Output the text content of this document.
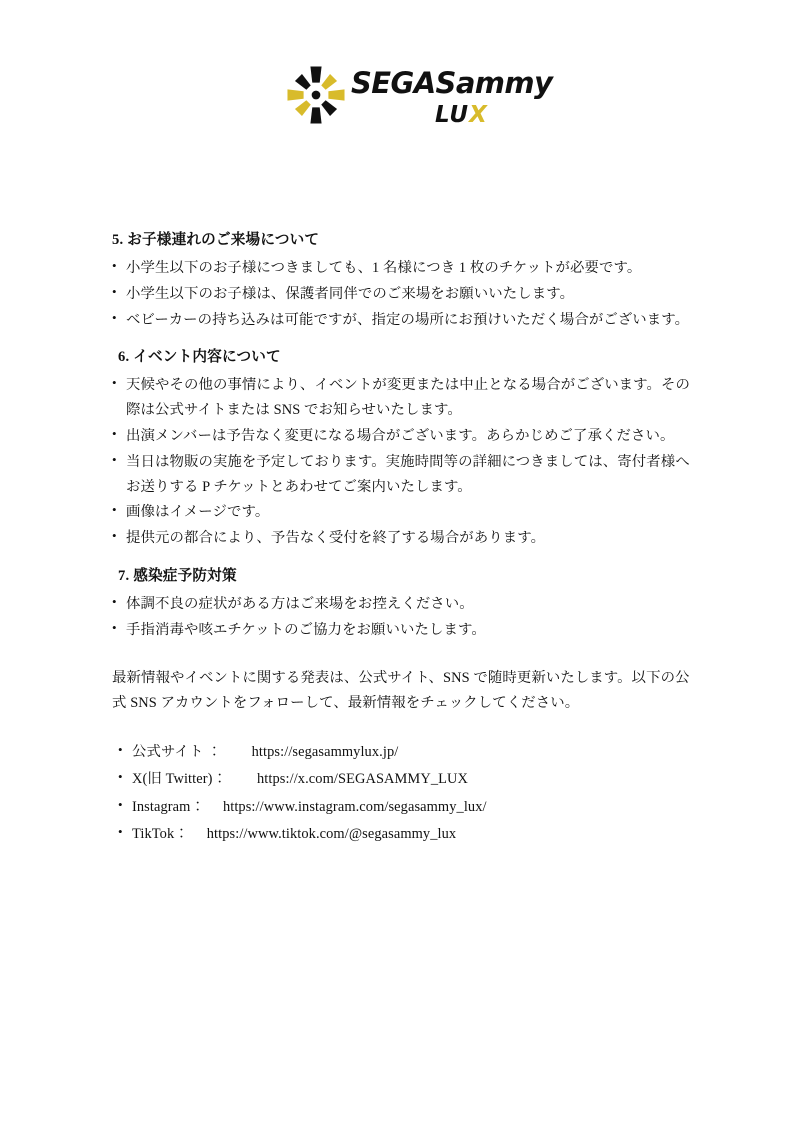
SEGASammy
LUX
5. お子様連れのご来場について
• 小学生以下のお子様につきましても、1 名様につき 1 枚のチケットが必要です。
• 小学生以下のお子様は、保護者同伴でのご来場をお願いいたします。
• ベビーカーの持ち込みは可能ですが、指定の場所にお預けいただく場合がございます。
6. イベント内容について
• 天候やその他の事情により、イベントが変更または中止となる場合がございます。その際は公式サイトまたは SNS でお知らせいたします。
• 出演メンバーは予告なく変更になる場合がございます。あらかじめご了承ください。
• 当日は物販の実施を予定しております。実施時間等の詳細につきましては、寄付者様へお送りする P チケットとあわせてご案内いたします。
• 画像はイメージです。
• 提供元の都合により、予告なく受付を終了する場合があります。
7. 感染症予防対策
• 体調不良の症状がある方はご来場をお控えください。
• 手指消毒や咳エチケットのご協力をお願いいたします。
最新情報やイベントに関する発表は、公式サイト、SNS で随時更新いたします。以下の公式 SNS アカウントをフォローして、最新情報をチェックしてください。
• 公式サイト ： https://segasammylux.jp/
• X(旧 Twitter)： https://x.com/SEGASAMMY_LUX
• Instagram： https://www.instagram.com/segasammy_lux/
• TikTok： https://www.tiktok.com/@segasammy_lux
